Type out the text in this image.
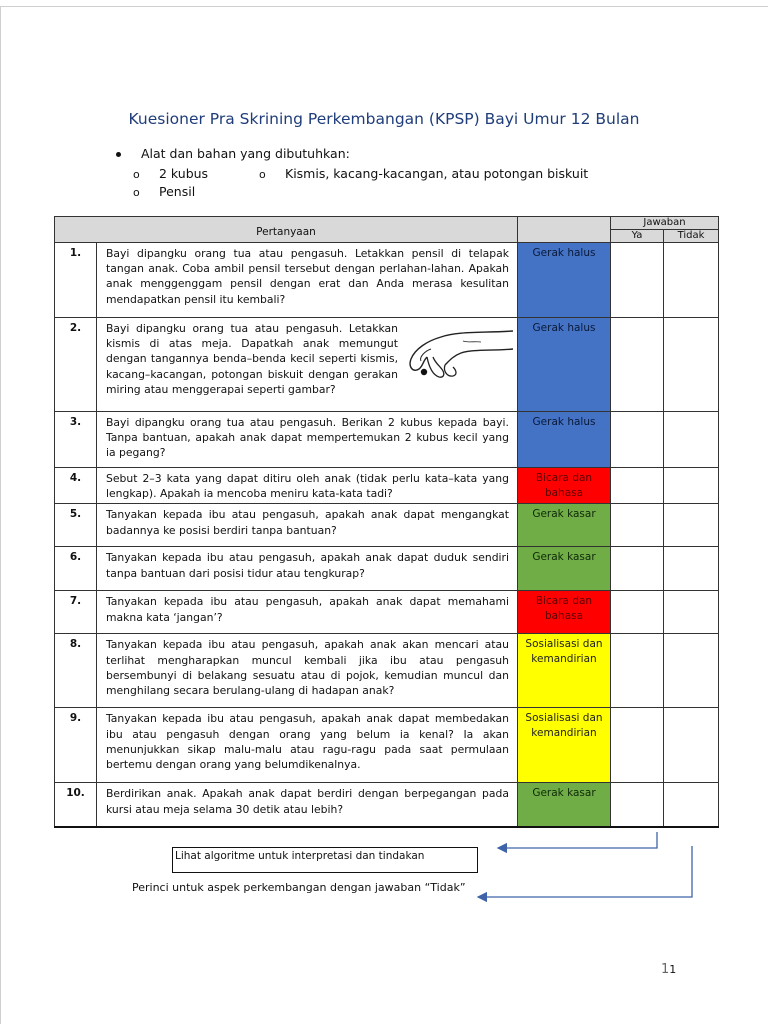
Kuesioner Pra Skrining Perkembangan (KPSP) Bayi Umur 12 Bulan
Alat dan bahan yang dibutuhkan:
o 2 kubus	o Kismis, kacang-kacangan, atau potongan biskuit
o Pensil
Pertanyaan			Jawaban	
			Ya	Tidak
1.	Bayi dipangku orang tua atau pengasuh. Letakkan pensil di telapak tangan anak. Coba ambil pensil tersebut dengan perlahan-lahan. Apakah anak menggenggam pensil dengan erat dan Anda merasa kesulitan mendapatkan pensil itu kembali?	Gerak halus		
2.	Bayi dipangku orang tua atau pengasuh. Letakkan kismis di atas meja. Dapatkah anak memungut dengan tangannya benda–benda kecil seperti kismis, kacang–kacangan, potongan biskuit dengan gerakan miring atau menggerapai seperti gambar?	Gerak halus		
3.	Bayi dipangku orang tua atau pengasuh. Berikan 2 kubus kepada bayi. Tanpa bantuan, apakah anak dapat mempertemukan 2 kubus kecil yang ia pegang?	Gerak halus		
4.	Sebut 2–3 kata yang dapat ditiru oleh anak (tidak perlu kata–kata yang lengkap). Apakah ia mencoba meniru kata-kata tadi?	Bicara dan bahasa		
5.	Tanyakan kepada ibu atau pengasuh, apakah anak dapat mengangkat badannya ke posisi berdiri tanpa bantuan?	Gerak kasar		
6.	Tanyakan kepada ibu atau pengasuh, apakah anak dapat duduk sendiri tanpa bantuan dari posisi tidur atau tengkurap?	Gerak kasar		
7.	Tanyakan kepada ibu atau pengasuh, apakah anak dapat memahami makna kata ‘jangan’?	Bicara dan bahasa		
8.	Tanyakan kepada ibu atau pengasuh, apakah anak akan mencari atau terlihat mengharapkan muncul kembali jika ibu atau pengasuh bersembunyi di belakang sesuatu atau di pojok, kemudian muncul dan menghilang secara berulang-ulang di hadapan anak?	Sosialisasi dan kemandirian		
9.	Tanyakan kepada ibu atau pengasuh, apakah anak dapat membedakan ibu atau pengasuh dengan orang yang belum ia kenal? Ia akan menunjukkan sikap malu-malu atau ragu-ragu pada saat permulaan bertemu dengan orang yang belumdikenalnya.	Sosialisasi dan kemandirian		
10.	Berdirikan anak. Apakah anak dapat berdiri dengan berpegangan pada kursi atau meja selama 30 detik atau lebih?	Gerak kasar		
Lihat algoritme untuk interpretasi dan tindakan
Perinci untuk aspek perkembangan dengan jawaban “Tidak”
11
